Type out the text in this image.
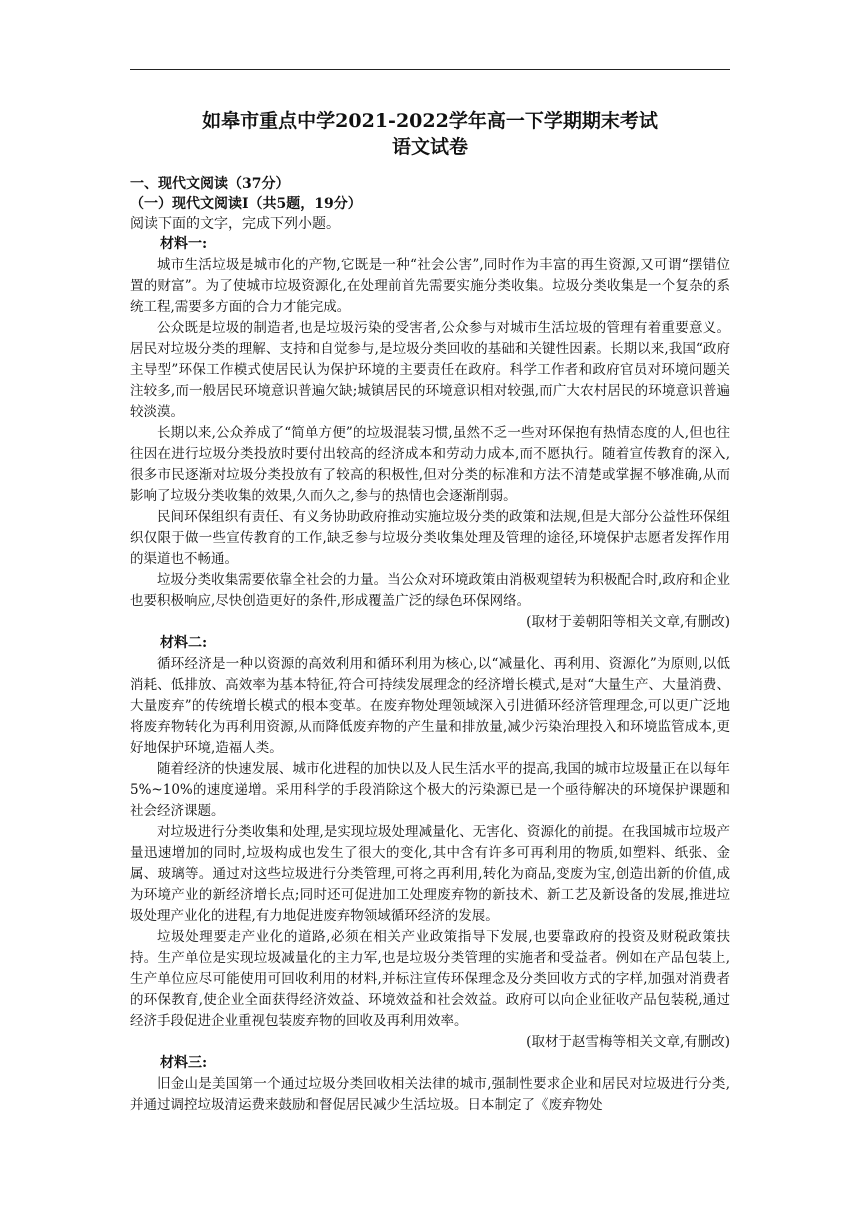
如皋市重点中学2021-2022学年高一下学期期末考试
语文试卷
一、现代文阅读（37分）
（一）现代文阅读I（共5题，19分）
阅读下面的文字，完成下列小题。
材料一:

城市生活垃圾是城市化的产物,它既是一种“社会公害”,同时作为丰富的再生资源,又可谓“摆错位置的财富”。为了使城市垃圾资源化,在处理前首先需要实施分类收集。垃圾分类收集是一个复杂的系统工程,需要多方面的合力才能完成。

公众既是垃圾的制造者,也是垃圾污染的受害者,公众参与对城市生活垃圾的管理有着重要意义。居民对垃圾分类的理解、支持和自觉参与,是垃圾分类回收的基础和关键性因素。长期以来,我国“政府主导型”环保工作模式使居民认为保护环境的主要责任在政府。科学工作者和政府官员对环境问题关注较多,而一般居民环境意识普遍欠缺;城镇居民的环境意识相对较强,而广大农村居民的环境意识普遍较淡漠。

长期以来,公众养成了“简单方便”的垃圾混装习惯,虽然不乏一些对环保抱有热情态度的人,但也往往因在进行垃圾分类投放时要付出较高的经济成本和劳动力成本,而不愿执行。随着宣传教育的深入,很多市民逐渐对垃圾分类投放有了较高的积极性,但对分类的标准和方法不清楚或掌握不够准确,从而影响了垃圾分类收集的效果,久而久之,参与的热情也会逐渐削弱。

民间环保组织有责任、有义务协助政府推动实施垃圾分类的政策和法规,但是大部分公益性环保组织仅限于做一些宣传教育的工作,缺乏参与垃圾分类收集处理及管理的途径,环境保护志愿者发挥作用的渠道也不畅通。

垃圾分类收集需要依靠全社会的力量。当公众对环境政策由消极观望转为积极配合时,政府和企业也要积极响应,尽快创造更好的条件,形成覆盖广泛的绿色环保网络。

(取材于姜朝阳等相关文章,有删改)
材料二:

循环经济是一种以资源的高效利用和循环利用为核心,以“减量化、再利用、资源化”为原则,以低消耗、低排放、高效率为基本特征,符合可持续发展理念的经济增长模式,是对“大量生产、大量消费、大量废弃”的传统增长模式的根本变革。在废弃物处理领域深入引进循环经济管理理念,可以更广泛地将废弃物转化为再利用资源,从而降低废弃物的产生量和排放量,减少污染治理投入和环境监管成本,更好地保护环境,造福人类。

随着经济的快速发展、城市化进程的加快以及人民生活水平的提高,我国的城市垃圾量正在以每年5%~10%的速度递增。采用科学的手段消除这个极大的污染源已是一个亟待解决的环境保护课题和社会经济课题。

对垃圾进行分类收集和处理,是实现垃圾处理减量化、无害化、资源化的前提。在我国城市垃圾产量迅速增加的同时,垃圾构成也发生了很大的变化,其中含有许多可再利用的物质,如塑料、纸张、金属、玻璃等。通过对这些垃圾进行分类管理,可将之再利用,转化为商品,变废为宝,创造出新的价值,成为环境产业的新经济增长点;同时还可促进加工处理废弃物的新技术、新工艺及新设备的发展,推进垃圾处理产业化的进程,有力地促进废弃物领域循环经济的发展。

垃圾处理要走产业化的道路,必须在相关产业政策指导下发展,也要靠政府的投资及财税政策扶持。生产单位是实现垃圾减量化的主力军,也是垃圾分类管理的实施者和受益者。例如在产品包装上,生产单位应尽可能使用可回收利用的材料,并标注宣传环保理念及分类回收方式的字样,加强对消费者的环保教育,使企业全面获得经济效益、环境效益和社会效益。政府可以向企业征收产品包装税,通过经济手段促进企业重视包装废弃物的回收及再利用效率。

(取材于赵雪梅等相关文章,有删改)
材料三:

旧金山是美国第一个通过垃圾分类回收相关法律的城市,强制性要求企业和居民对垃圾进行分类,并通过调控垃圾清运费来鼓励和督促居民减少生活垃圾。日本制定了《废弃物处
